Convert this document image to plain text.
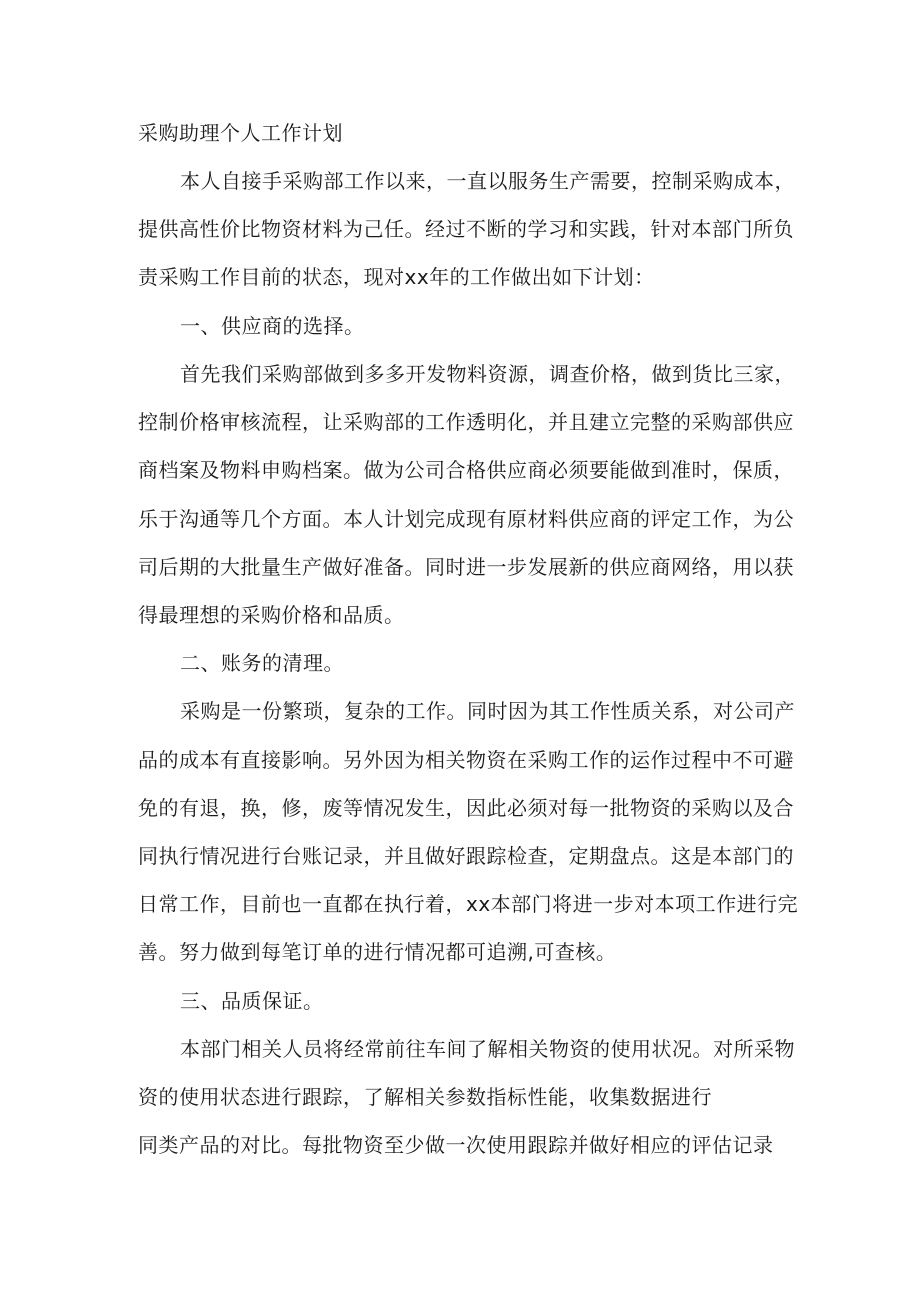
采购助理个人工作计划
本人自接手采购部工作以来，一直以服务生产需要，控制采购成本，
提供高性价比物资材料为己任。经过不断的学习和实践，针对本部门所负
责采购工作目前的状态，现对xx年的工作做出如下计划：
一、供应商的选择。
首先我们采购部做到多多开发物料资源，调查价格，做到货比三家，
控制价格审核流程，让采购部的工作透明化，并且建立完整的采购部供应
商档案及物料申购档案。做为公司合格供应商必须要能做到准时，保质，
乐于沟通等几个方面。本人计划完成现有原材料供应商的评定工作，为公
司后期的大批量生产做好准备。同时进一步发展新的供应商网络，用以获
得最理想的采购价格和品质。
二、账务的清理。
采购是一份繁琐，复杂的工作。同时因为其工作性质关系，对公司产
品的成本有直接影响。另外因为相关物资在采购工作的运作过程中不可避
免的有退，换，修，废等情况发生，因此必须对每一批物资的采购以及合
同执行情况进行台账记录，并且做好跟踪检查，定期盘点。这是本部门的
日常工作，目前也一直都在执行着，xx本部门将进一步对本项工作进行完
善。努力做到每笔订单的进行情况都可追溯,可查核。
三、品质保证。
本部门相关人员将经常前往车间了解相关物资的使用状况。对所采物
资的使用状态进行跟踪，了解相关参数指标性能，收集数据进行
同类产品的对比。每批物资至少做一次使用跟踪并做好相应的评估记录
